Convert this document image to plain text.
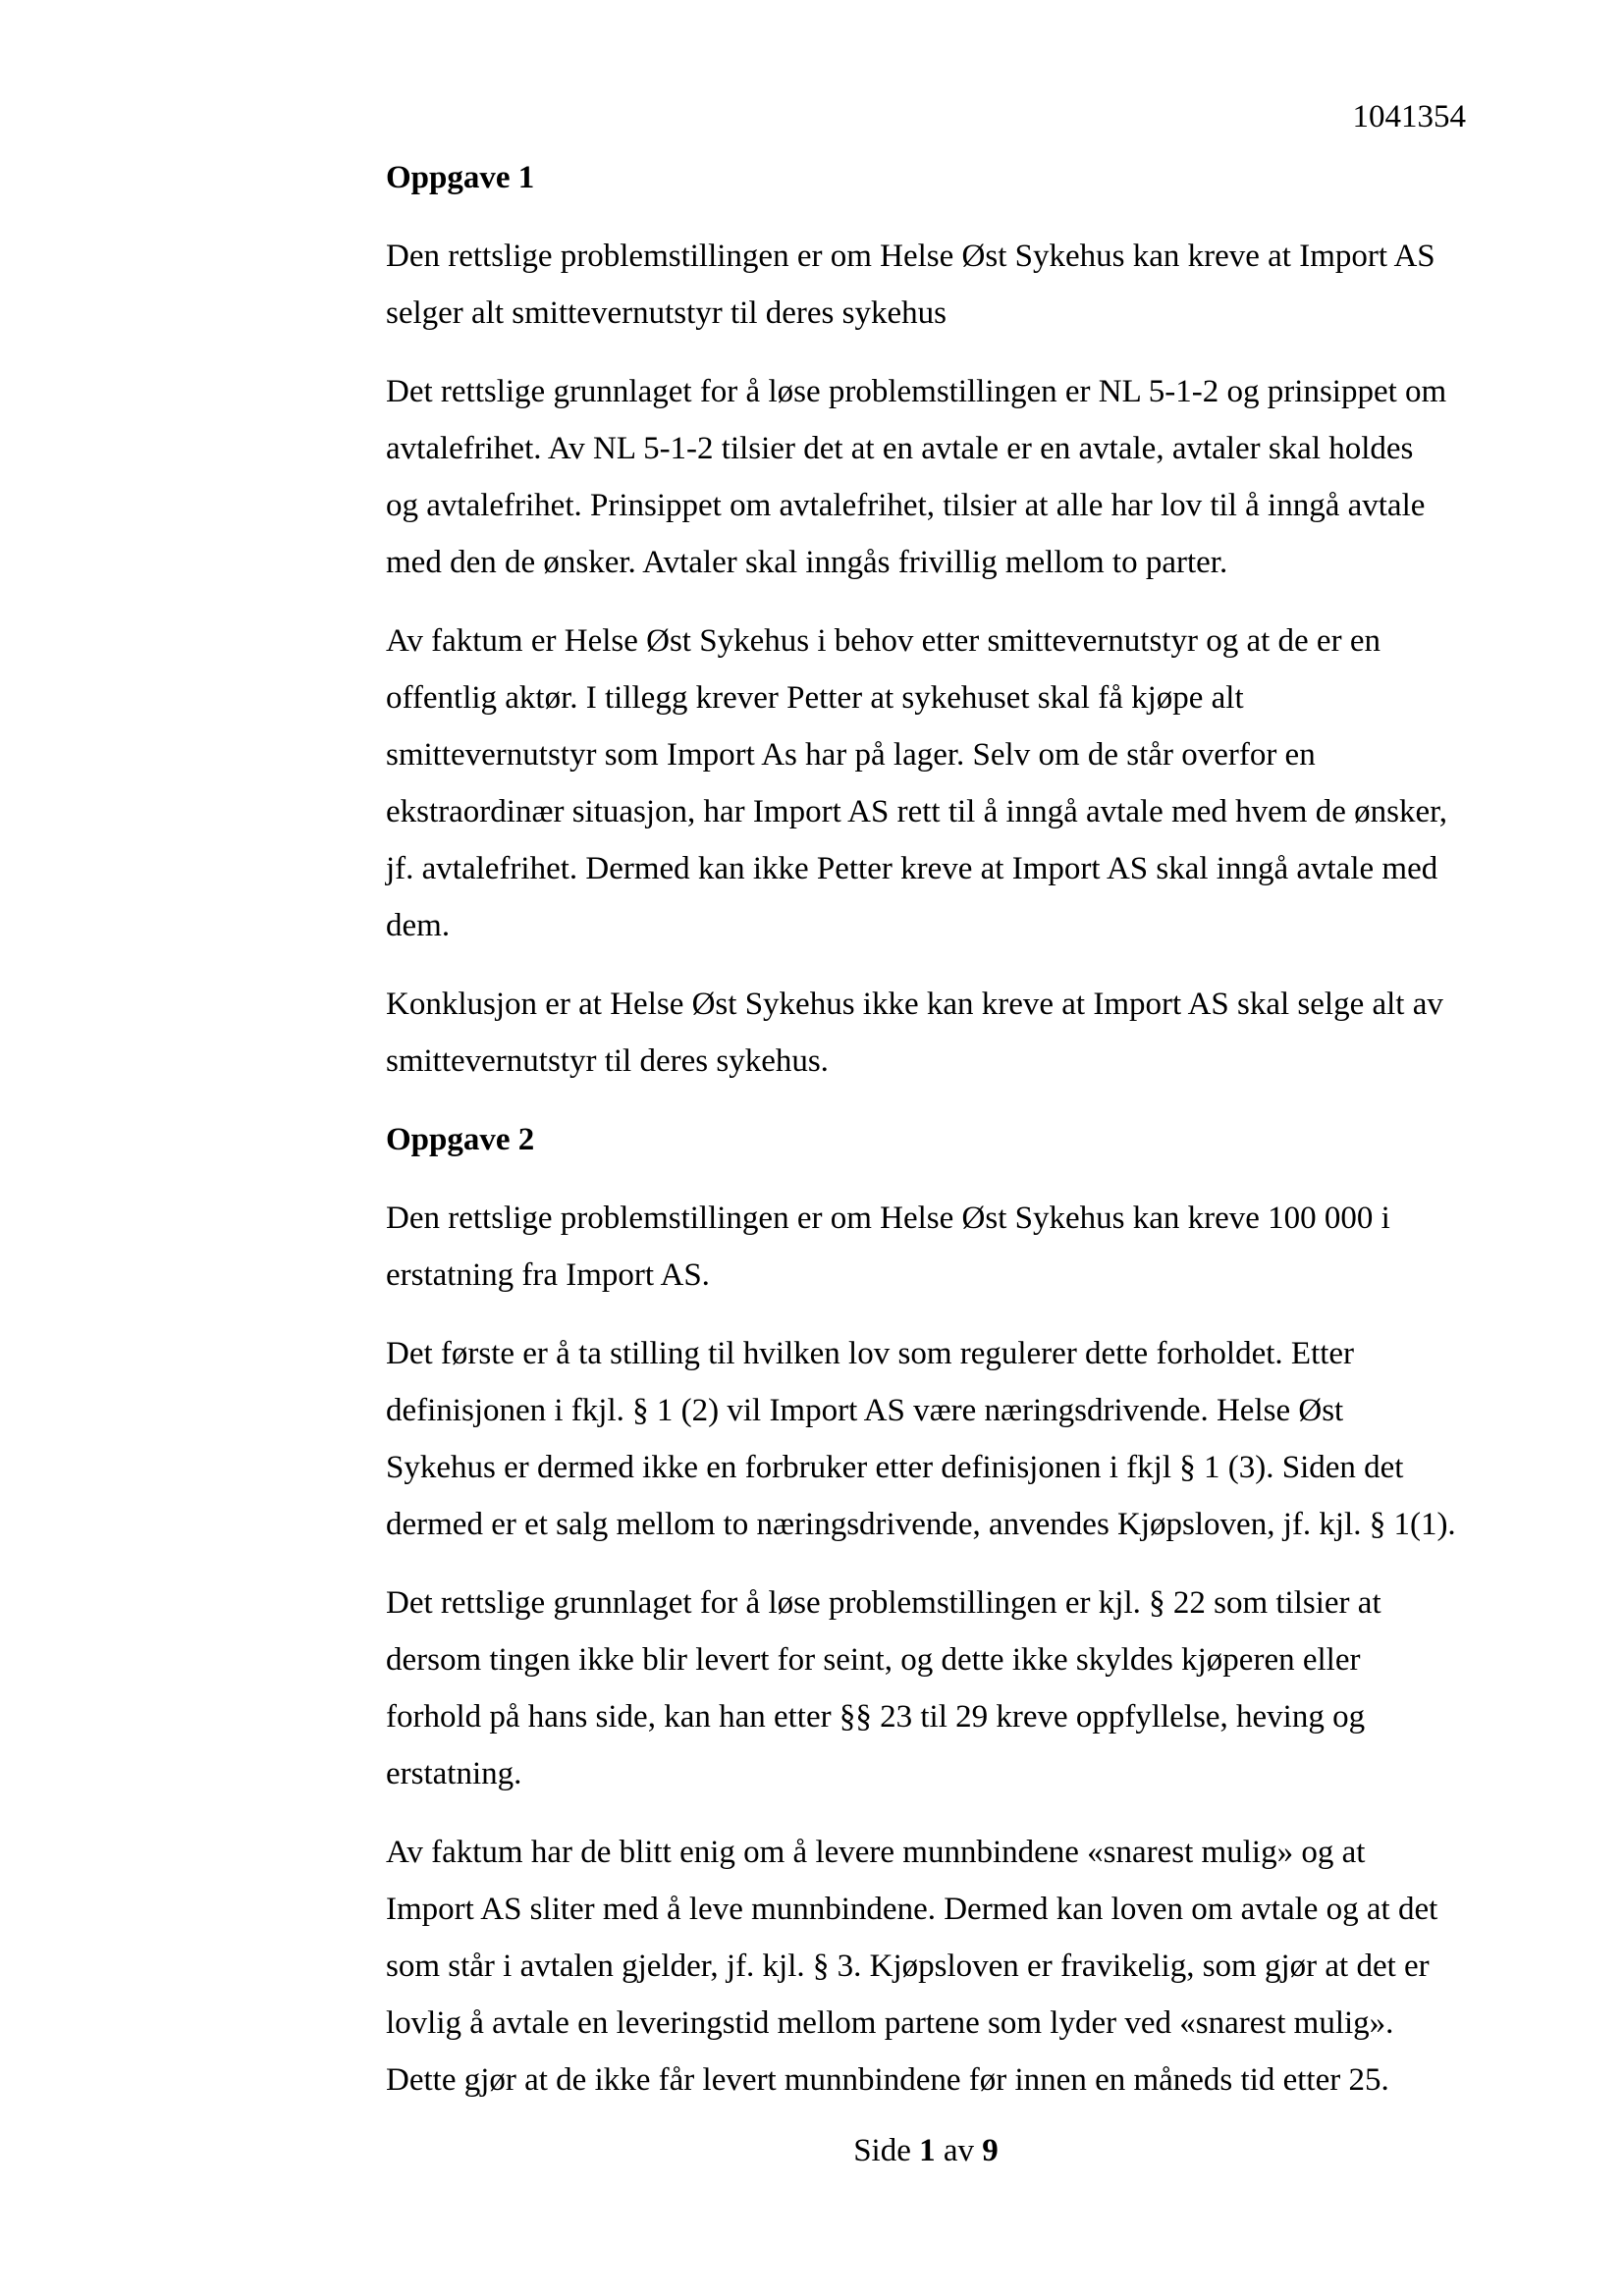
1041354
Oppgave 1
Den rettslige problemstillingen er om Helse Øst Sykehus kan kreve at Import AS
selger alt smittevernutstyr til deres sykehus
Det rettslige grunnlaget for å løse problemstillingen er NL 5-1-2 og prinsippet om
avtalefrihet. Av NL 5-1-2 tilsier det at en avtale er en avtale, avtaler skal holdes
og avtalefrihet. Prinsippet om avtalefrihet, tilsier at alle har lov til å inngå avtale
med den de ønsker. Avtaler skal inngås frivillig mellom to parter.
Av faktum er Helse Øst Sykehus i behov etter smittevernutstyr og at de er en
offentlig aktør. I tillegg krever Petter at sykehuset skal få kjøpe alt
smittevernutstyr som Import As har på lager. Selv om de står overfor en
ekstraordinær situasjon, har Import AS rett til å inngå avtale med hvem de ønsker,
jf. avtalefrihet. Dermed kan ikke Petter kreve at Import AS skal inngå avtale med
dem.
Konklusjon er at Helse Øst Sykehus ikke kan kreve at Import AS skal selge alt av
smittevernutstyr til deres sykehus.
Oppgave 2
Den rettslige problemstillingen er om Helse Øst Sykehus kan kreve 100 000 i
erstatning fra Import AS.
Det første er å ta stilling til hvilken lov som regulerer dette forholdet. Etter
definisjonen i fkjl. § 1 (2) vil Import AS være næringsdrivende. Helse Øst
Sykehus er dermed ikke en forbruker etter definisjonen i fkjl § 1 (3). Siden det
dermed er et salg mellom to næringsdrivende, anvendes Kjøpsloven, jf. kjl. § 1(1).
Det rettslige grunnlaget for å løse problemstillingen er kjl. § 22 som tilsier at
dersom tingen ikke blir levert for seint, og dette ikke skyldes kjøperen eller
forhold på hans side, kan han etter §§ 23 til 29 kreve oppfyllelse, heving og
erstatning.
Av faktum har de blitt enig om å levere munnbindene «snarest mulig» og at
Import AS sliter med å leve munnbindene. Dermed kan loven om avtale og at det
som står i avtalen gjelder, jf. kjl. § 3. Kjøpsloven er fravikelig, som gjør at det er
lovlig å avtale en leveringstid mellom partene som lyder ved «snarest mulig».
Dette gjør at de ikke får levert munnbindene før innen en måneds tid etter 25.
Side 1 av 9
